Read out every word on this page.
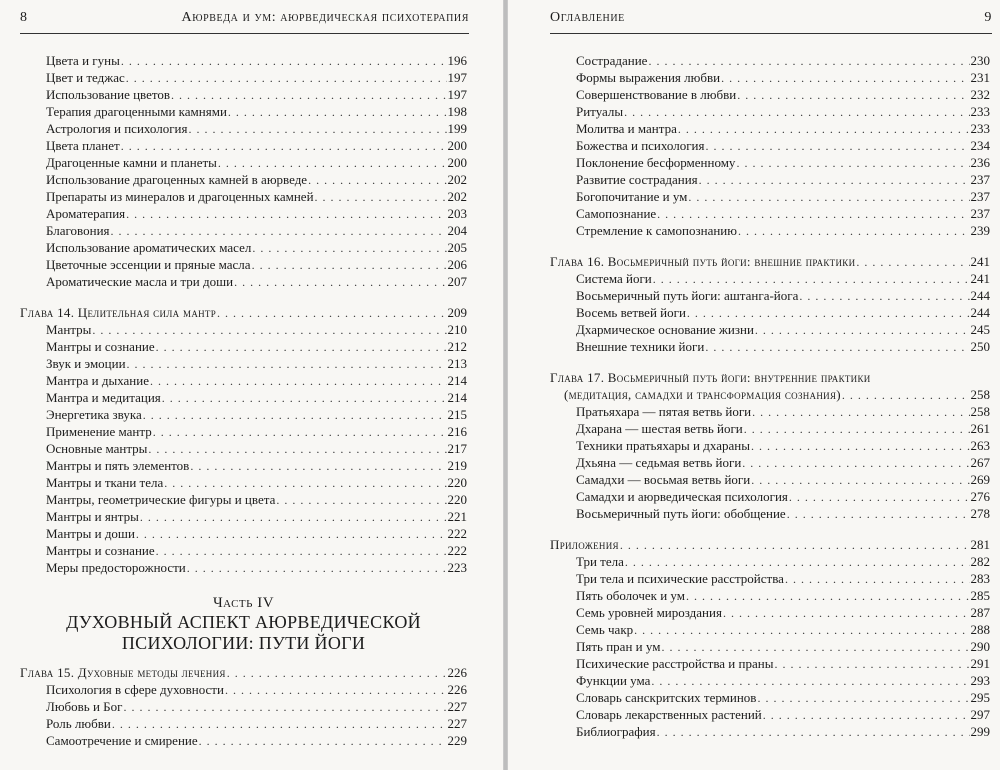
8	Аюрведа и ум: аюрведическая психотерапия
Цвета и гуны . . .	196
Цвет и теджас . . .	197
Использование цветов . . .	197
Терапия драгоценными камнями . . .	198
Астрология и психология . . .	199
Цвета планет . . .	200
Драгоценные камни и планеты . . .	200
Использование драгоценных камней в аюрведе . . .	202
Препараты из минералов и драгоценных камней . . .	202
Ароматерапия . . .	203
Благовония . . .	204
Использование ароматических масел . . .	205
Цветочные эссенции и пряные масла . . .	206
Ароматические масла и три доши . . .	207
Глава 14. Целительная сила мантр . . .	209
Мантры . . .	210
Мантры и сознание . . .	212
Звук и эмоции . . .	213
Мантра и дыхание . . .	214
Мантра и медитация . . .	214
Энергетика звука . . .	215
Применение мантр . . .	216
Основные мантры . . .	217
Мантры и пять элементов . . .	219
Мантры и ткани тела . . .	220
Мантры, геометрические фигуры и цвета . . .	220
Мантры и янтры . . .	221
Мантры и доши . . .	222
Мантры и сознание . . .	222
Меры предосторожности . . .	223
Часть IV
ДУХОВНЫЙ АСПЕКТ АЮРВЕДИЧЕСКОЙ
ПСИХОЛОГИИ: ПУТИ ЙОГИ
Глава 15. Духовные методы лечения . . .	226
Психология в сфере духовности . . .	226
Любовь и Бог . . .	227
Роль любви . . .	227
Самоотречение и смирение . . .	229
Оглавление	9
Сострадание . . .	230
Формы выражения любви . . .	231
Совершенствование в любви . . .	232
Ритуалы . . .	233
Молитва и мантра . . .	233
Божества и психология . . .	234
Поклонение бесформенному . . .	236
Развитие сострадания . . .	237
Богопочитание и ум . . .	237
Самопознание . . .	237
Стремление к самопознанию . . .	239
Глава 16. Восьмеричный путь йоги: внешние практики . . .	241
Система йоги . . .	241
Восьмеричный путь йоги: аштанга-йога . . .	244
Восемь ветвей йоги . . .	244
Дхармическое основание жизни . . .	245
Внешние техники йоги . . .	250
Глава 17. Восьмеричный путь йоги: внутренние практики
(медитация, самадхи и трансформация сознания) . . .	258
Пратьяхара — пятая ветвь йоги . . .	258
Дхарана — шестая ветвь йоги . . .	261
Техники пратьяхары и дхараны . . .	263
Дхьяна — седьмая ветвь йоги . . .	267
Самадхи — восьмая ветвь йоги . . .	269
Самадхи и аюрведическая психология . . .	276
Восьмеричный путь йоги: обобщение . . .	278
Приложения . . .	281
Три тела . . .	282
Три тела и психические расстройства . . .	283
Пять оболочек и ум . . .	285
Семь уровней мироздания . . .	287
Семь чакр . . .	288
Пять пран и ум . . .	290
Психические расстройства и праны . . .	291
Функции ума . . .	293
Словарь санскритских терминов . . .	295
Словарь лекарственных растений . . .	297
Библиография . . .	299
